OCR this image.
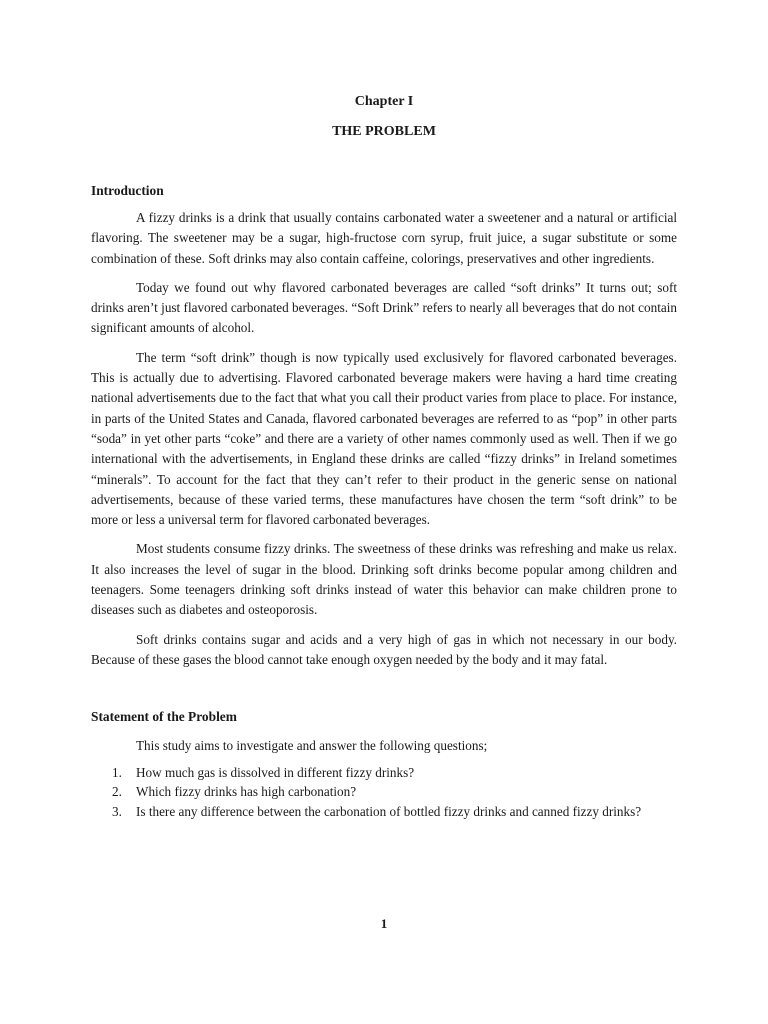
Chapter I
THE PROBLEM
Introduction

A fizzy drinks is a drink that usually contains carbonated water a sweetener and a natural or artificial flavoring. The sweetener may be a sugar, high-fructose corn syrup, fruit juice, a sugar substitute or some combination of these. Soft drinks may also contain caffeine, colorings, preservatives and other ingredients.

Today we found out why flavored carbonated beverages are called “soft drinks” It turns out; soft drinks aren’t just flavored carbonated beverages. “Soft Drink” refers to nearly all beverages that do not contain significant amounts of alcohol.

The term “soft drink” though is now typically used exclusively for flavored carbonated beverages. This is actually due to advertising. Flavored carbonated beverage makers were having a hard time creating national advertisements due to the fact that what you call their product varies from place to place. For instance, in parts of the United States and Canada, flavored carbonated beverages are referred to as “pop” in other parts “soda” in yet other parts “coke” and there are a variety of other names commonly used as well. Then if we go international with the advertisements, in England these drinks are called “fizzy drinks” in Ireland sometimes “minerals”. To account for the fact that they can’t refer to their product in the generic sense on national advertisements, because of these varied terms, these manufactures have chosen the term “soft drink” to be more or less a universal term for flavored carbonated beverages.

Most students consume fizzy drinks. The sweetness of these drinks was refreshing and make us relax. It also increases the level of sugar in the blood. Drinking soft drinks become popular among children and teenagers. Some teenagers drinking soft drinks instead of water this behavior can make children prone to diseases such as diabetes and osteoporosis.

Soft drinks contains sugar and acids and a very high of gas in which not necessary in our body. Because of these gases the blood cannot take enough oxygen needed by the body and it may fatal.

Statement of the Problem

This study aims to investigate and answer the following questions;

1. How much gas is dissolved in different fizzy drinks?
2. Which fizzy drinks has high carbonation?
3. Is there any difference between the carbonation of bottled fizzy drinks and canned fizzy drinks?
1
